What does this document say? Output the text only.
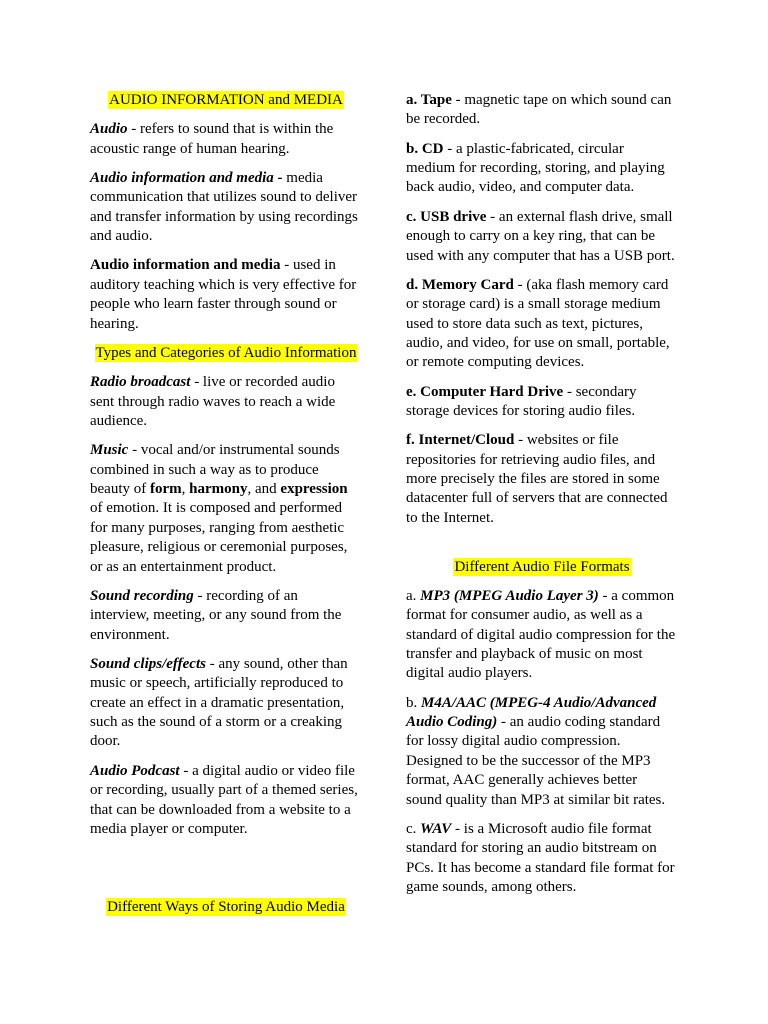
AUDIO INFORMATION and MEDIA
Audio - refers to sound that is within the
acoustic range of human hearing.
Audio information and media - media
communication that utilizes sound to deliver
and transfer information by using recordings
and audio.
Audio information and media - used in
auditory teaching which is very effective for
people who learn faster through sound or
hearing.
Types and Categories of Audio Information
Radio broadcast - live or recorded audio
sent through radio waves to reach a wide
audience.
Music - vocal and/or instrumental sounds
combined in such a way as to produce
beauty of form, harmony, and expression
of emotion. It is composed and performed
for many purposes, ranging from aesthetic
pleasure, religious or ceremonial purposes,
or as an entertainment product.
Sound recording - recording of an
interview, meeting, or any sound from the
environment.
Sound clips/effects - any sound, other than
music or speech, artificially reproduced to
create an effect in a dramatic presentation,
such as the sound of a storm or a creaking
door.
Audio Podcast - a digital audio or video file
or recording, usually part of a themed series,
that can be downloaded from a website to a
media player or computer.
Different Ways of Storing Audio Media
a. Tape - magnetic tape on which sound can
be recorded.
b. CD - a plastic-fabricated, circular
medium for recording, storing, and playing
back audio, video, and computer data.
c. USB drive - an external flash drive, small
enough to carry on a key ring, that can be
used with any computer that has a USB port.
d. Memory Card - (aka flash memory card
or storage card) is a small storage medium
used to store data such as text, pictures,
audio, and video, for use on small, portable,
or remote computing devices.
e. Computer Hard Drive - secondary
storage devices for storing audio files.
f. Internet/Cloud - websites or file
repositories for retrieving audio files, and
more precisely the files are stored in some
datacenter full of servers that are connected
to the Internet.
Different Audio File Formats
a. MP3 (MPEG Audio Layer 3) - a common
format for consumer audio, as well as a
standard of digital audio compression for the
transfer and playback of music on most
digital audio players.
b. M4A/AAC (MPEG-4 Audio/Advanced
Audio Coding) - an audio coding standard
for lossy digital audio compression.
Designed to be the successor of the MP3
format, AAC generally achieves better
sound quality than MP3 at similar bit rates.
c. WAV - is a Microsoft audio file format
standard for storing an audio bitstream on
PCs. It has become a standard file format for
game sounds, among others.
